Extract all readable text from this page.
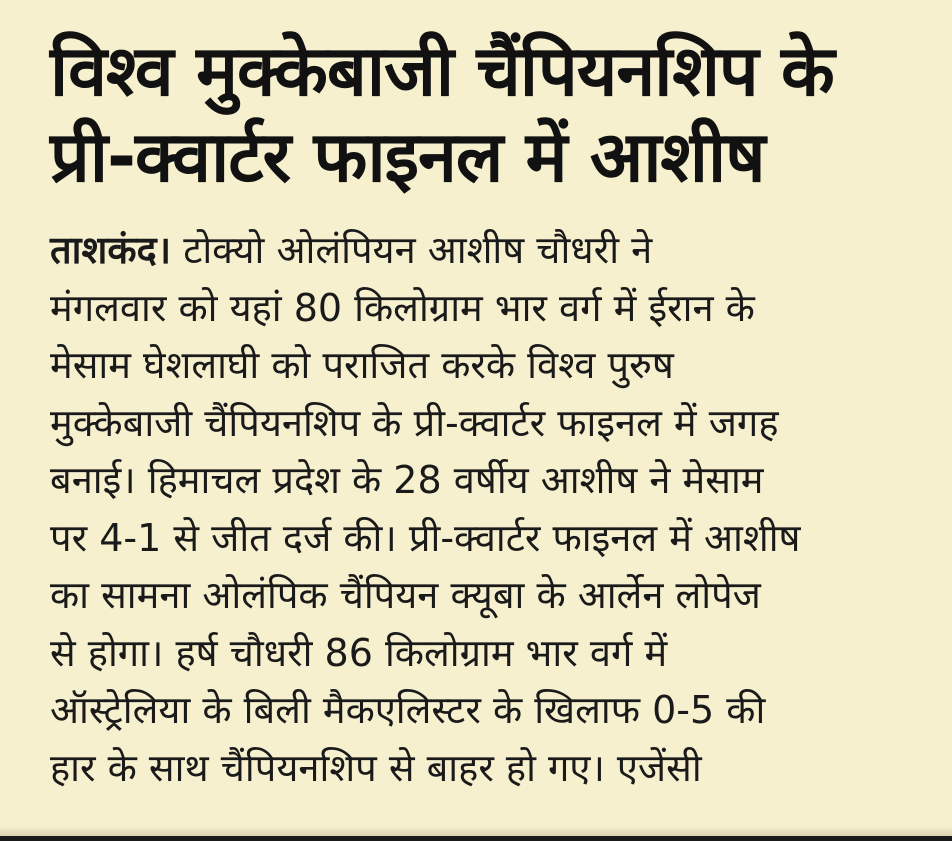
विश्व मुक्केबाजी चैंपियनशिप के
प्री-क्वार्टर फाइनल में आशीष
ताशकंद। टोक्यो ओलंपियन आशीष चौधरी ने
मंगलवार को यहां 80 किलोग्राम भार वर्ग में ईरान के
मेसाम घेशलाघी को पराजित करके विश्व पुरुष
मुक्केबाजी चैंपियनशिप के प्री-क्वार्टर फाइनल में जगह
बनाई। हिमाचल प्रदेश के 28 वर्षीय आशीष ने मेसाम
पर 4-1 से जीत दर्ज की। प्री-क्वार्टर फाइनल में आशीष
का सामना ओलंपिक चैंपियन क्यूबा के आर्लेन लोपेज
से होगा। हर्ष चौधरी 86 किलोग्राम भार वर्ग में
ऑस्ट्रेलिया के बिली मैकएलिस्टर के खिलाफ 0-5 की
हार के साथ चैंपियनशिप से बाहर हो गए। एजेंसी
